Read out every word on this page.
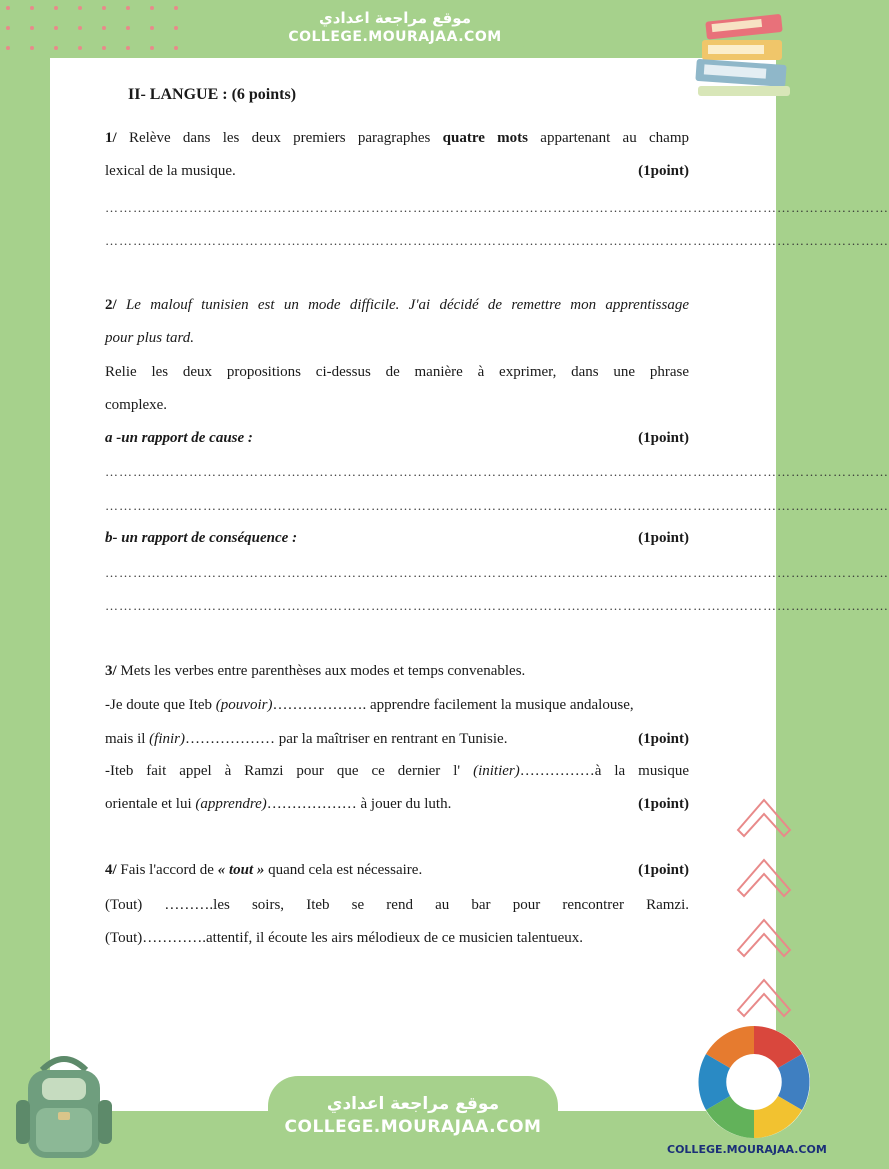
موقع مراجعة اعدادي
COLLEGE.MOURAJAA.COM
موقع مراجعة اعدادي
COLLEGE.MOURAJAA.COM
COLLEGE.MOURAJAA.COM
II- LANGUE : (6 points)
1/ Relève dans les deux premiers paragraphes quatre mots appartenant au champ
lexical de la musique.	(1point)
……………………………………………………………………………………………………………………………………………………
……………………………………………………………………………………………………………………………………………………
2/ Le malouf tunisien est un mode difficile. J'ai décidé de remettre mon apprentissage
pour plus tard.
Relie les deux propositions ci-dessus de manière à exprimer, dans une phrase
complexe.
a -un rapport de cause :	(1point)
……………………………………………………………………………………………………………………………………………………
……………………………………………………………………………………………………………………………………………………
b- un rapport de conséquence :	(1point)
……………………………………………………………………………………………………………………………………………………
……………………………………………………………………………………………………………………………………………………
3/ Mets les verbes entre parenthèses aux modes et temps convenables.
-Je doute que Iteb (pouvoir)………………. apprendre facilement la musique andalouse,
mais il (finir)……………… par la maîtriser en rentrant en Tunisie.	(1point)
-Iteb fait appel à Ramzi pour que ce dernier l' (initier)……………à la musique
orientale et lui (apprendre)……………… à jouer du luth.	(1point)
4/ Fais l'accord de « tout » quand cela est nécessaire.	(1point)
(Tout) ……….les soirs, Iteb se rend au bar pour rencontrer Ramzi.
(Tout)………….attentif, il écoute les airs mélodieux de ce musicien talentueux.
